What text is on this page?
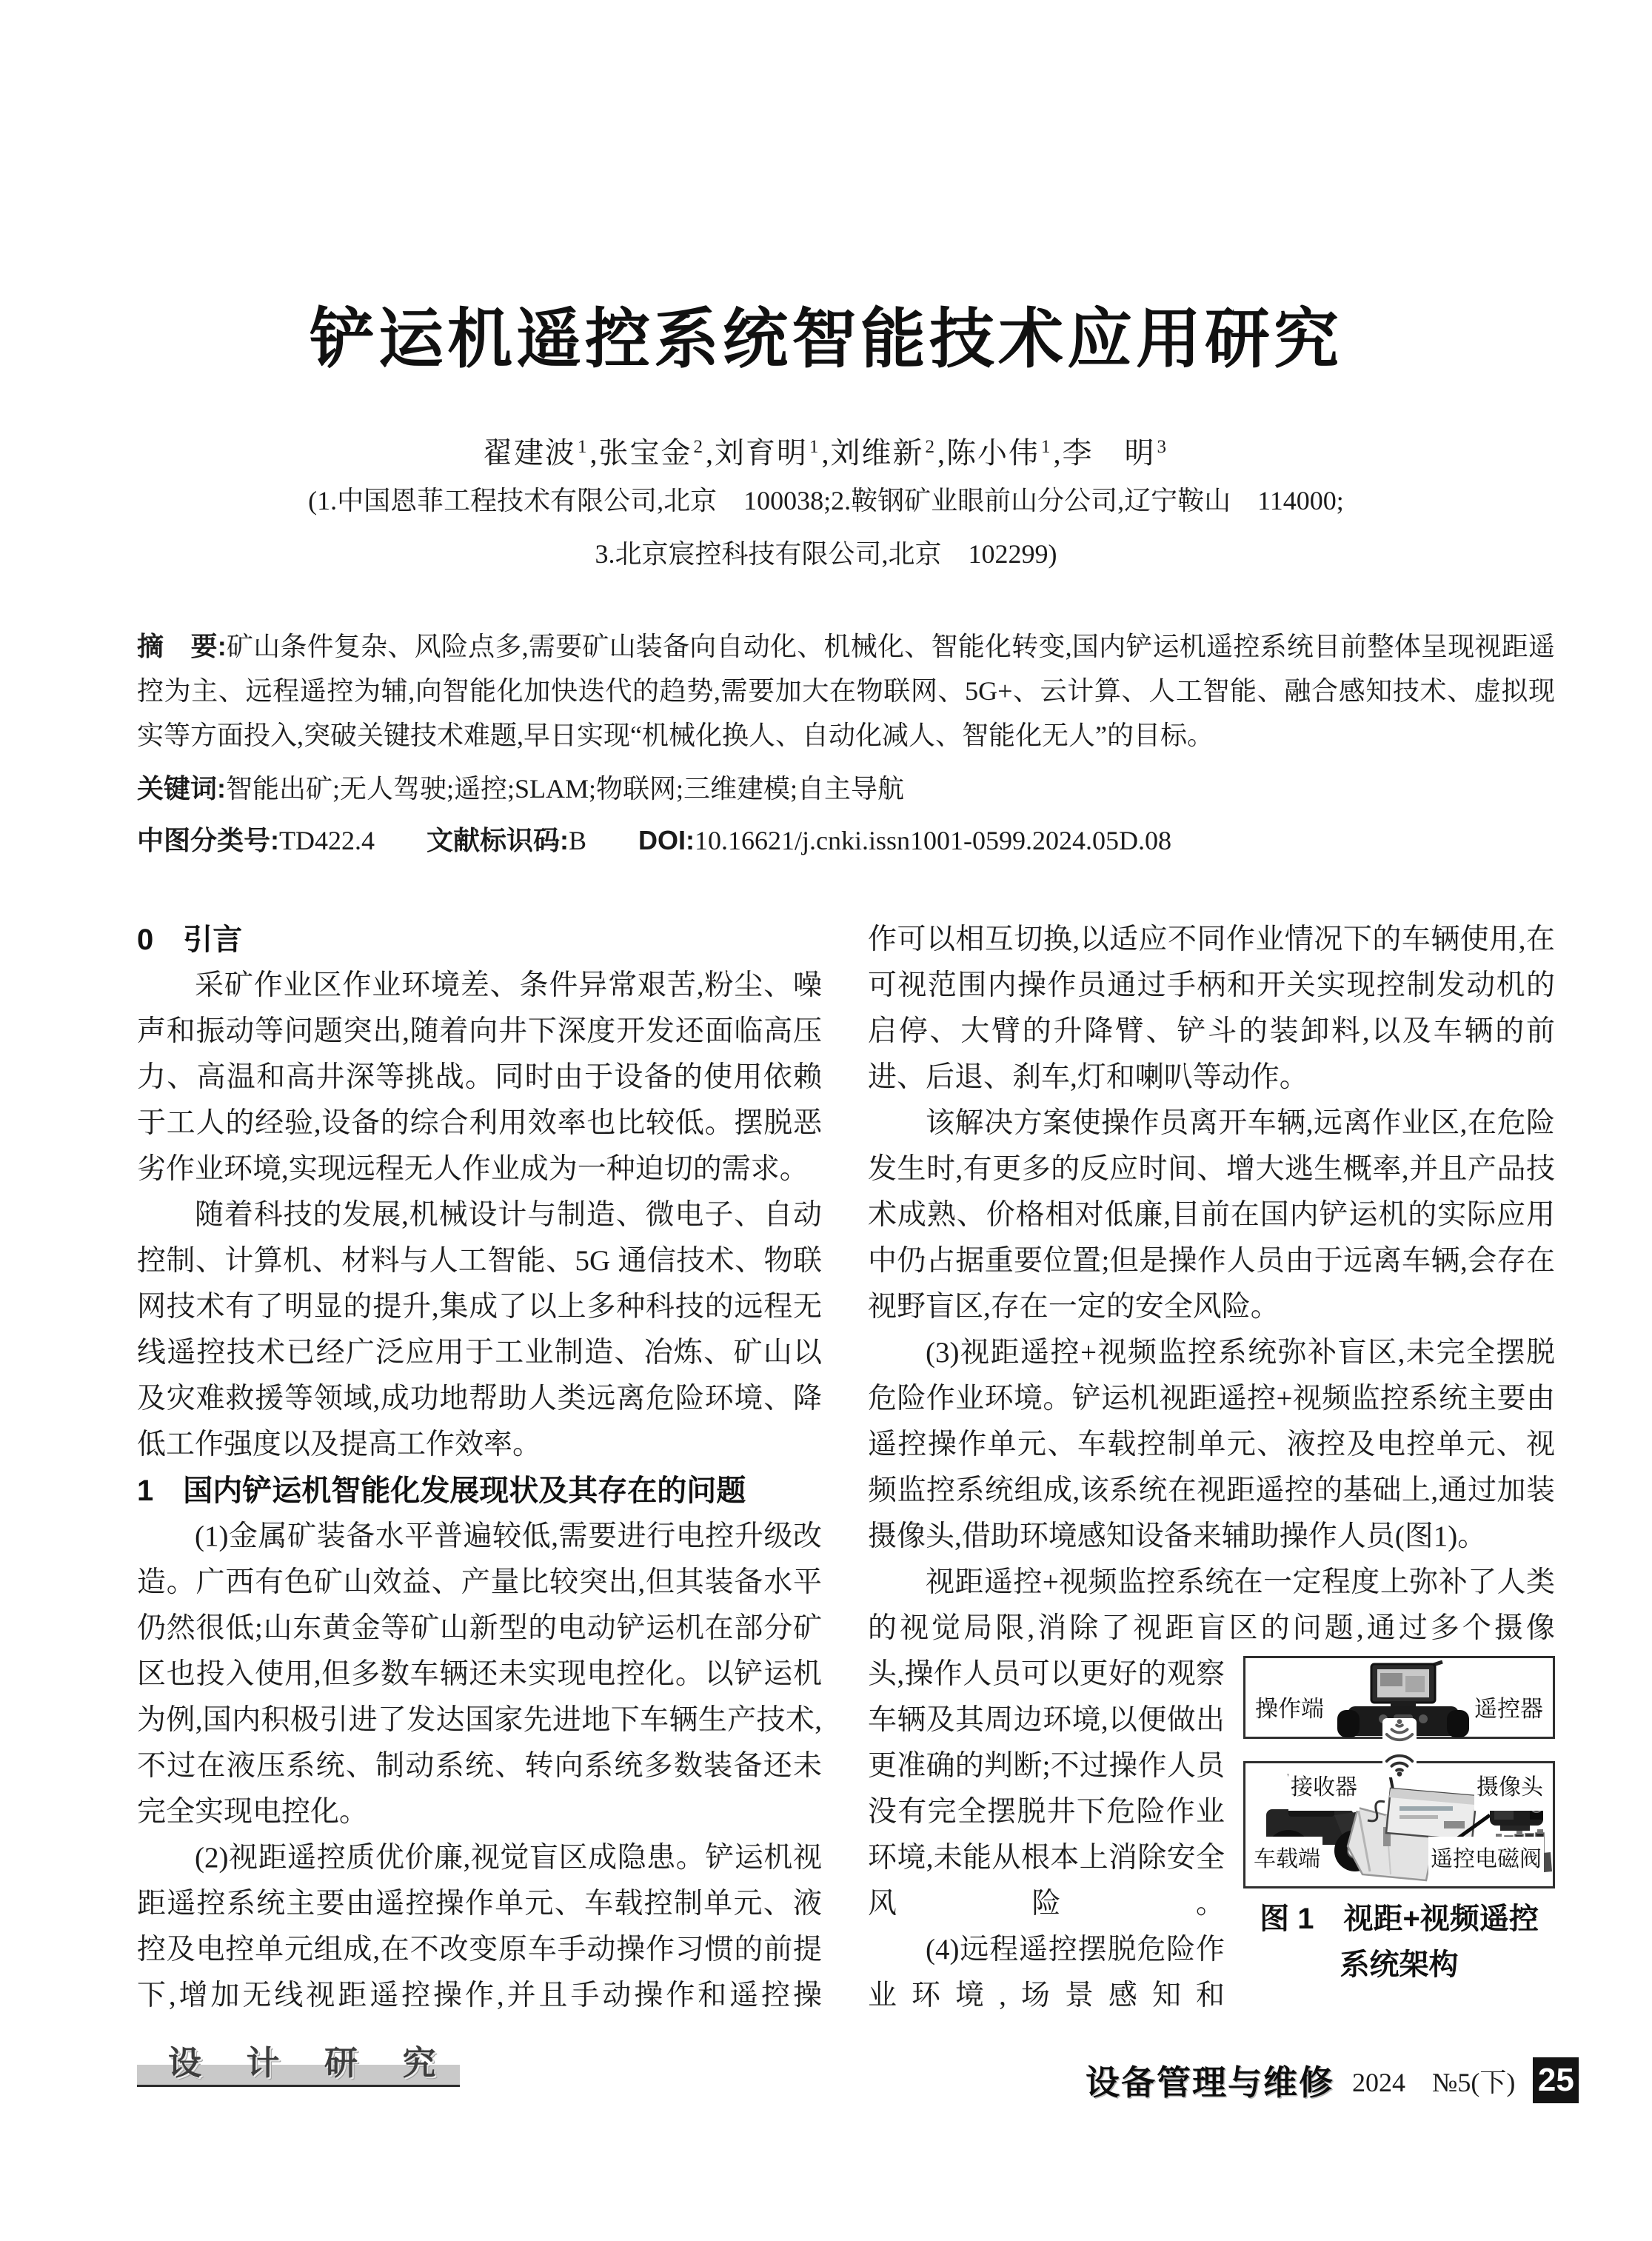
铲运机遥控系统智能技术应用研究
翟建波$^1$,张宝金$^2$,刘育明$^1$,刘维新$^2$,陈小伟$^1$,李　明$^3$
(1.中国恩菲工程技术有限公司,北京　100038;2.鞍钢矿业眼前山分公司,辽宁鞍山　114000;
3.北京宸控科技有限公司,北京　102299)

摘　要:矿山条件复杂、风险点多,需要矿山装备向自动化、机械化、智能化转变,国内铲运机遥控系统目前整体呈现视距遥控为主、远程遥控为辅,向智能化加快迭代的趋势,需要加大在物联网、5G+、云计算、人工智能、融合感知技术、虚拟现实等方面投入,突破关键技术难题,早日实现“机械化换人、自动化减人、智能化无人”的目标。

关键词:智能出矿;无人驾驶;遥控;SLAM;物联网;三维建模;自主导航

中图分类号:TD422.4 文献标识码:B DOI:10.16621/j.cnki.issn1001-0599.2024.05D.08

0　引言

采矿作业区作业环境差、条件异常艰苦,粉尘、噪声和振动等问题突出,随着向井下深度开发还面临高压力、高温和高井深等挑战。同时由于设备的使用依赖于工人的经验,设备的综合利用效率也比较低。摆脱恶劣作业环境,实现远程无人作业成为一种迫切的需求。

随着科技的发展,机械设计与制造、微电子、自动控制、计算机、材料与人工智能、5G 通信技术、物联网技术有了明显的提升,集成了以上多种科技的远程无线遥控技术已经广泛应用于工业制造、冶炼、矿山以及灾难救援等领域,成功地帮助人类远离危险环境、降低工作强度以及提高工作效率。

1　国内铲运机智能化发展现状及其存在的问题

(1)金属矿装备水平普遍较低,需要进行电控升级改造。广西有色矿山效益、产量比较突出,但其装备水平仍然很低;山东黄金等矿山新型的电动铲运机在部分矿区也投入使用,但多数车辆还未实现电控化。以铲运机为例,国内积极引进了发达国家先进地下车辆生产技术,不过在液压系统、制动系统、转向系统多数装备还未完全实现电控化。

(2)视距遥控质优价廉,视觉盲区成隐患。铲运机视距遥控系统主要由遥控操作单元、车载控制单元、液控及电控单元组成,在不改变原车手动操作习惯的前提下,增加无线视距遥控操作,并且手动操作和遥控操

作可以相互切换,以适应不同作业情况下的车辆使用,在可视范围内操作员通过手柄和开关实现控制发动机的启停、大臂的升降臂、铲斗的装卸料,以及车辆的前进、后退、刹车,灯和喇叭等动作。

该解决方案使操作员离开车辆,远离作业区,在危险发生时,有更多的反应时间、增大逃生概率,并且产品技术成熟、价格相对低廉,目前在国内铲运机的实际应用中仍占据重要位置;但是操作人员由于远离车辆,会存在视野盲区,存在一定的安全风险。

(3)视距遥控+视频监控系统弥补盲区,未完全摆脱危险作业环境。铲运机视距遥控+视频监控系统主要由遥控操作单元、车载控制单元、液控及电控单元、视频监控系统组成,该系统在视距遥控的基础上,通过加装摄像头,借助环境感知设备来辅助操作人员(图1)。

视距遥控+视频监控系统在一定程度上弥补了人类的视觉局限,消除了视距盲区的问题,通过多个摄像

头,操作人员可以更好的观察车辆及其周边环境,以便做出更准确的判断;不过操作人员没有完全摆脱井下危险作业环境,未能从根本上消除安全风险。

(4)远程遥控摆脱危险作业环境,场景感知和

操作端	遥控器
接收器	摄像头
车载端	遥控电磁阀
图 1　视距+视频遥控
系统架构
设 计 研 究
设备管理与维修 2024　№5(下) 25
